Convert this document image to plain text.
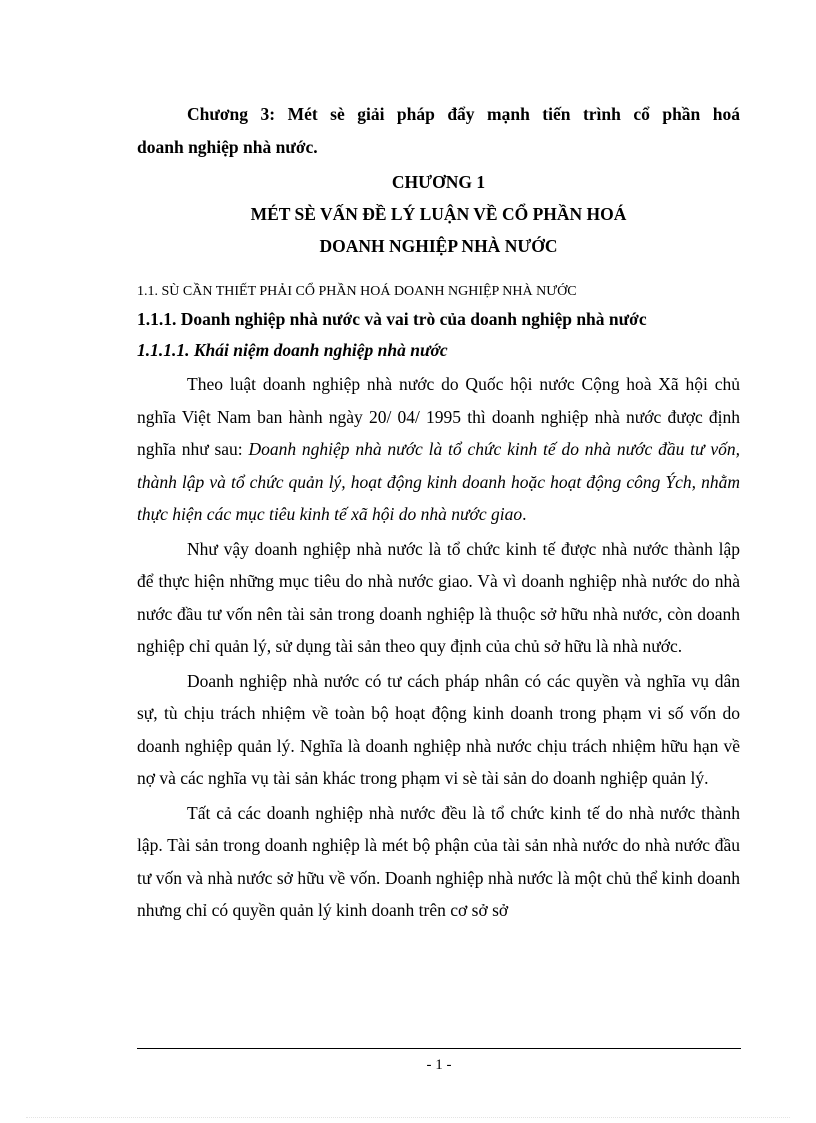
Chương 3: Mét sè giải pháp đẩy mạnh tiến trình cổ phần hoá

doanh nghiệp nhà nước.

CHƯƠNG 1

MÉT SÈ VẤN ĐỀ LÝ LUẬN VỀ CỔ PHẦN HOÁ

DOANH NGHIỆP NHÀ NƯỚC

1.1. SÙ CẦN THIẾT PHẢI CỔ PHẦN HOÁ DOANH NGHIỆP NHÀ NƯỚC

1.1.1. Doanh nghiệp nhà nước và vai trò của doanh nghiệp nhà nước

1.1.1.1. Khái niệm doanh nghiệp nhà nước

Theo luật doanh nghiệp nhà nước do Quốc hội nước Cộng hoà Xã hội chủ nghĩa Việt Nam ban hành ngày 20/ 04/ 1995 thì doanh nghiệp nhà nước được định nghĩa như sau: Doanh nghiệp nhà nước là tổ chức kinh tế do nhà nước đầu tư vốn, thành lập và tổ chức quản lý, hoạt động kinh doanh hoặc hoạt động công Ých, nhằm thực hiện các mục tiêu kinh tế xã hội do nhà nước giao.

Như vậy doanh nghiệp nhà nước là tổ chức kinh tế được nhà nước thành lập để thực hiện những mục tiêu do nhà nước giao. Và vì doanh nghiệp nhà nước do nhà nước đầu tư vốn nên tài sản trong doanh nghiệp là thuộc sở hữu nhà nước, còn doanh nghiệp chỉ quản lý, sử dụng tài sản theo quy định của chủ sở hữu là nhà nước.

Doanh nghiệp nhà nước có tư cách pháp nhân có các quyền và nghĩa vụ dân sự, tù chịu trách nhiệm về toàn bộ hoạt động kinh doanh trong phạm vi số vốn do doanh nghiệp quản lý. Nghĩa là doanh nghiệp nhà nước chịu trách nhiệm hữu hạn về nợ và các nghĩa vụ tài sản khác trong phạm vi sè tài sản do doanh nghiệp quản lý.

Tất cả các doanh nghiệp nhà nước đều là tổ chức kinh tế do nhà nước thành lập. Tài sản trong doanh nghiệp là mét bộ phận của tài sản nhà nước do nhà nước đầu tư vốn và nhà nước sở hữu về vốn. Doanh nghiệp nhà nước là một chủ thể kinh doanh nhưng chỉ có quyền quản lý kinh doanh trên cơ sở sở

- 1 -
